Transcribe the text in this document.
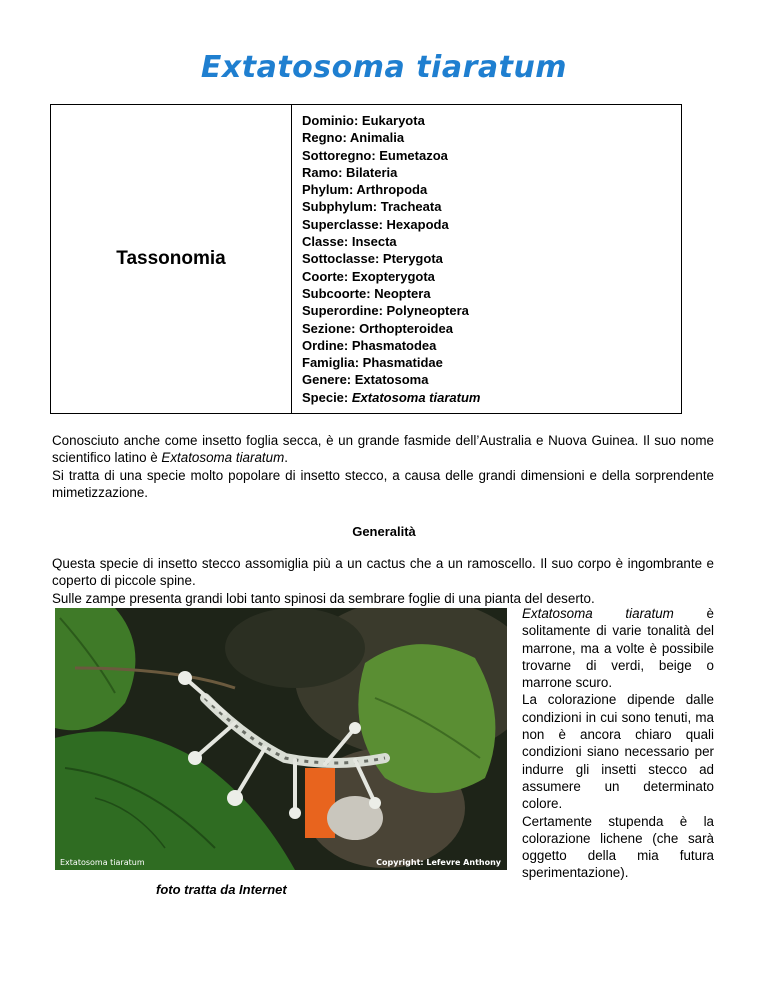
Extatosoma tiaratum
Tassonomia	
Dominio: Eukaryota
Regno: Animalia
Sottoregno: Eumetazoa
Ramo: Bilateria
Phylum: Arthropoda
Subphylum: Tracheata
Superclasse: Hexapoda
Classe: Insecta
Sottoclasse: Pterygota
Coorte: Exopterygota
Subcoorte: Neoptera
Superordine: Polyneoptera
Sezione: Orthopteroidea
Ordine: Phasmatodea
Famiglia: Phasmatidae
Genere: Extatosoma
Specie: Extatosoma tiaratum
Conosciuto anche come insetto foglia secca, è un grande fasmide dell’Australia e Nuova Guinea. Il suo nome scientifico latino è Extatosoma tiaratum.
Si tratta di una specie molto popolare di insetto stecco, a causa delle grandi dimensioni e della sorprendente mimetizzazione.
Generalità
Questa specie di insetto stecco assomiglia più a un cactus che a un ramoscello. Il suo corpo è ingombrante e coperto di piccole spine.
Sulle zampe presenta grandi lobi tanto spinosi da sembrare foglie di una pianta del deserto.
Extatosoma tiaratum	Copyright: Lefevre Anthony
Extatosoma tiaratum è solitamente di varie tonalità del marrone, ma a volte è possibile trovarne di verdi, beige o marrone scuro.
La colorazione dipende dalle condizioni in cui sono tenuti, ma non è ancora chiaro quali condizioni siano necessario per indurre gli insetti stecco ad assumere un determinato colore.
Certamente stupenda è la colorazione lichene (che sarà oggetto della mia futura sperimentazione).
foto tratta da Internet
